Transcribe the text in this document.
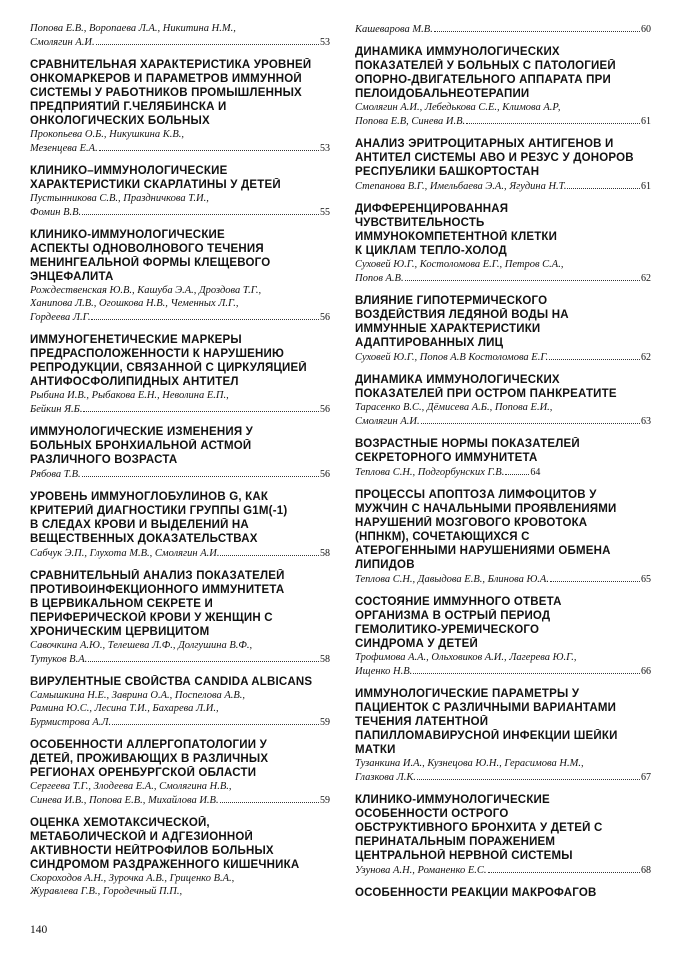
Попова Е.В., Воропаева Л.А., Никитина Н.М.,
Смолягин А.И.	53
СРАВНИТЕЛЬНАЯ ХАРАКТЕРИСТИКА УРОВНЕЙ
ОНКОМАРКЕРОВ И ПАРАМЕТРОВ ИММУННОЙ
СИСТЕМЫ У РАБОТНИКОВ ПРОМЫШЛЕННЫХ
ПРЕДПРИЯТИЙ Г.ЧЕЛЯБИНСКА И
ОНКОЛОГИЧЕСКИХ БОЛЬНЫХ
Прокопьева О.Б., Никушкина К.В.,
Мезенцева Е.А.	53
КЛИНИКО–ИММУНОЛОГИЧЕСКИЕ
ХАРАКТЕРИСТИКИ СКАРЛАТИНЫ У ДЕТЕЙ
Пустынникова С.В., Праздничкова Т.И.,
Фомин В.В.	55
КЛИНИКО-ИММУНОЛОГИЧЕСКИЕ
АСПЕКТЫ ОДНОВОЛНОВОГО ТЕЧЕНИЯ
МЕНИНГЕАЛЬНОЙ ФОРМЫ КЛЕЩЕВОГО
ЭНЦЕФАЛИТА
Рождественская Ю.В., Кашуба Э.А., Дроздова Т.Г.,
Ханипова Л.В., Огошкова Н.В., Чеменных Л.Г.,
Гордеева Л.Г.	56
ИММУНОГЕНЕТИЧЕСКИЕ МАРКЕРЫ
ПРЕДРАСПОЛОЖЕННОСТИ К НАРУШЕНИЮ
РЕПРОДУКЦИИ, СВЯЗАННОЙ С ЦИРКУЛЯЦИЕЙ
АНТИФОСФОЛИПИДНЫХ АНТИТЕЛ
Рыбина И.В., Рыбакова Е.Н., Неволина Е.П.,
Бейкин Я.Б.	56
ИММУНОЛОГИЧЕСКИЕ ИЗМЕНЕНИЯ У
БОЛЬНЫХ БРОНХИАЛЬНОЙ АСТМОЙ
РАЗЛИЧНОГО ВОЗРАСТА
Рябова Т.В.	56
УРОВЕНЬ ИММУНОГЛОБУЛИНОВ G, КАК
КРИТЕРИЙ ДИАГНОСТИКИ ГРУППЫ G1M(-1)
В СЛЕДАХ КРОВИ И ВЫДЕЛЕНИЙ НА
ВЕЩЕСТВЕННЫХ ДОКАЗАТЕЛЬСТВАХ
Сабчук Э.П., Глухота М.В., Смолягин А.И.	58
СРАВНИТЕЛЬНЫЙ АНАЛИЗ ПОКАЗАТЕЛЕЙ
ПРОТИВОИНФЕКЦИОННОГО ИММУНИТЕТА
В ЦЕРВИКАЛЬНОМ СЕКРЕТЕ И
ПЕРИФЕРИЧЕСКОЙ КРОВИ У ЖЕНЩИН С
ХРОНИЧЕСКИМ ЦЕРВИЦИТОМ
Савочкина А.Ю., Телешева Л.Ф., Долгушина В.Ф.,
Тутуков В.А.	58
ВИРУЛЕНТНЫЕ СВОЙСТВА CANDIDA ALBICANS
Самышкина Н.Е., Заврина О.А., Поспелова А.В.,
Рамина Ю.С., Лесина Т.И., Бахарева Л.И.,
Бурмистрова А.Л.	59
ОСОБЕННОСТИ АЛЛЕРГОПАТОЛОГИИ У
ДЕТЕЙ, ПРОЖИВАЮЩИХ В РАЗЛИЧНЫХ
РЕГИОНАХ ОРЕНБУРГСКОЙ ОБЛАСТИ
Сергеева Т.Г., Злодеева Е.А., Смолягина Н.В.,
Синева И.В., Попова Е.В., Михайлова И.В.	59
ОЦЕНКА ХЕМОТАКСИЧЕСКОЙ,
МЕТАБОЛИЧЕСКОЙ И АДГЕЗИОННОЙ
АКТИВНОСТИ НЕЙТРОФИЛОВ БОЛЬНЫХ
СИНДРОМОМ РАЗДРАЖЕННОГО КИШЕЧНИКА
Скороходов А.Н., Зурочка А.В., Гриценко В.А.,
Журавлева Г.В., Городечный П.П.,
Кашеварова М.В.	60
ДИНАМИКА ИММУНОЛОГИЧЕСКИХ
ПОКАЗАТЕЛЕЙ У БОЛЬНЫХ С ПАТОЛОГИЕЙ
ОПОРНО-ДВИГАТЕЛЬНОГО АППАРАТА ПРИ
ПЕЛОИДОБАЛЬНЕОТЕРАПИИ
Смолягин А.И., Лебедькова С.Е., Климова А.Р,
Попова Е.В, Синева И.В.	61
АНАЛИЗ ЭРИТРОЦИТАРНЫХ АНТИГЕНОВ И
АНТИТЕЛ СИСТЕМЫ АВО И РЕЗУС У ДОНОРОВ
РЕСПУБЛИКИ БАШКОРТОСТАН
Степанова В.Г., Имельбаева Э.А., Ягудина Н.Т.	61
ДИФФЕРЕНЦИРОВАННАЯ
ЧУВСТВИТЕЛЬНОСТЬ
ИММУНОКОМПЕТЕНТНОЙ КЛЕТКИ
К ЦИКЛАМ ТЕПЛО-ХОЛОД
Суховей Ю.Г., Костоломова Е.Г., Петров С.А.,
Попов А.В.	62
ВЛИЯНИЕ ГИПОТЕРМИЧЕСКОГО
ВОЗДЕЙСТВИЯ ЛЕДЯНОЙ ВОДЫ НА
ИММУННЫЕ ХАРАКТЕРИСТИКИ
АДАПТИРОВАННЫХ ЛИЦ
Суховей Ю.Г., Попов А.В Костоломова Е.Г.	62
ДИНАМИКА ИММУНОЛОГИЧЕСКИХ
ПОКАЗАТЕЛЕЙ ПРИ ОСТРОМ ПАНКРЕАТИТЕ
Тарасенко В.С., Дёмисева А.Б., Попова Е.И.,
Смолягин А.И.	63
ВОЗРАСТНЫЕ НОРМЫ ПОКАЗАТЕЛЕЙ
СЕКРЕТОРНОГО ИММУНИТЕТА
Теплова С.Н., Подгорбунских Г.В.	64
ПРОЦЕССЫ АПОПТОЗА ЛИМФОЦИТОВ У
МУЖЧИН С НАЧАЛЬНЫМИ ПРОЯВЛЕНИЯМИ
НАРУШЕНИЙ МОЗГОВОГО КРОВОТОКА
(НПНКМ), СОЧЕТАЮЩИХСЯ С
АТЕРОГЕННЫМИ НАРУШЕНИЯМИ ОБМЕНА
ЛИПИДОВ
Теплова С.Н., Давыдова Е.В., Блинова Ю.А.	65
СОСТОЯНИЕ ИММУННОГО ОТВЕТА
ОРГАНИЗМА В ОСТРЫЙ ПЕРИОД
ГЕМОЛИТИКО-УРЕМИЧЕСКОГО
СИНДРОМА У ДЕТЕЙ
Трофимова А.А., Ольховиков А.И., Лагерева Ю.Г.,
Ищенко Н.В.	66
ИММУНОЛОГИЧЕСКИЕ ПАРАМЕТРЫ У
ПАЦИЕНТОК С РАЗЛИЧНЫМИ ВАРИАНТАМИ
ТЕЧЕНИЯ ЛАТЕНТНОЙ
ПАПИЛЛОМАВИРУСНОЙ ИНФЕКЦИИ ШЕЙКИ
МАТКИ
Тузанкина И.А., Кузнецова Ю.Н., Герасимова Н.М.,
Глазкова Л.К.	67
КЛИНИКО-ИММУНОЛОГИЧЕСКИЕ
ОСОБЕННОСТИ ОСТРОГО
ОБСТРУКТИВНОГО БРОНХИТА У ДЕТЕЙ С
ПЕРИНАТАЛЬНЫМ ПОРАЖЕНИЕМ
ЦЕНТРАЛЬНОЙ НЕРВНОЙ СИСТЕМЫ
Узунова А.Н., Романенко Е.С.	68
ОСОБЕННОСТИ РЕАКЦИИ МАКРОФАГОВ
140
